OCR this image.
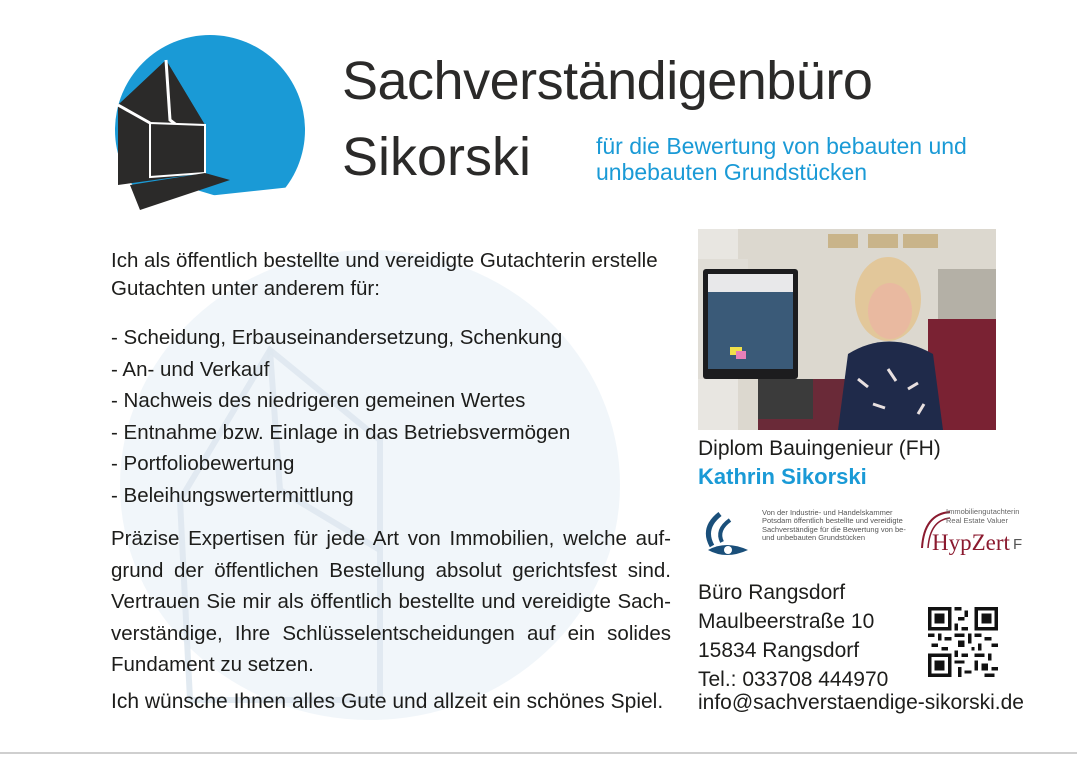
Sachverständigenbüro
Sikorski	für die Bewertung von bebauten und
unbebauten Grundstücken
Ich als öffentlich bestellte und vereidigte Gutachterin erstelle Gutachten unter anderem für:
- Scheidung, Erbauseinandersetzung, Schenkung
- An- und Verkauf
- Nachweis des niedrigeren gemeinen Wertes
- Entnahme bzw. Einlage in das Betriebsvermögen
- Portfoliobewertung
- Beleihungswertermittlung
Präzise Expertisen für jede Art von Immobilien, welche auf-grund der öffentlichen Bestellung absolut gerichtsfest sind. Vertrauen Sie mir als öffentlich bestellte und vereidigte Sach-verständige, Ihre Schlüsselentscheidungen auf ein solides Fundament zu setzen.
Ich wünsche Ihnen alles Gute und allzeit ein schönes Spiel.
Diplom Bauingenieur (FH)
Kathrin Sikorski
Von der Industrie- und Handelskammer Potsdam öffentlich bestellte und vereidigte Sachverständige für die Bewertung von be- und unbebauten Grundstücken
Immobiliengutachterin
Real Estate Valuer
HypZert F
Büro Rangsdorf
Maulbeerstraße 10
15834 Rangsdorf
Tel.: 033708 444970
info@sachverstaendige-sikorski.de
